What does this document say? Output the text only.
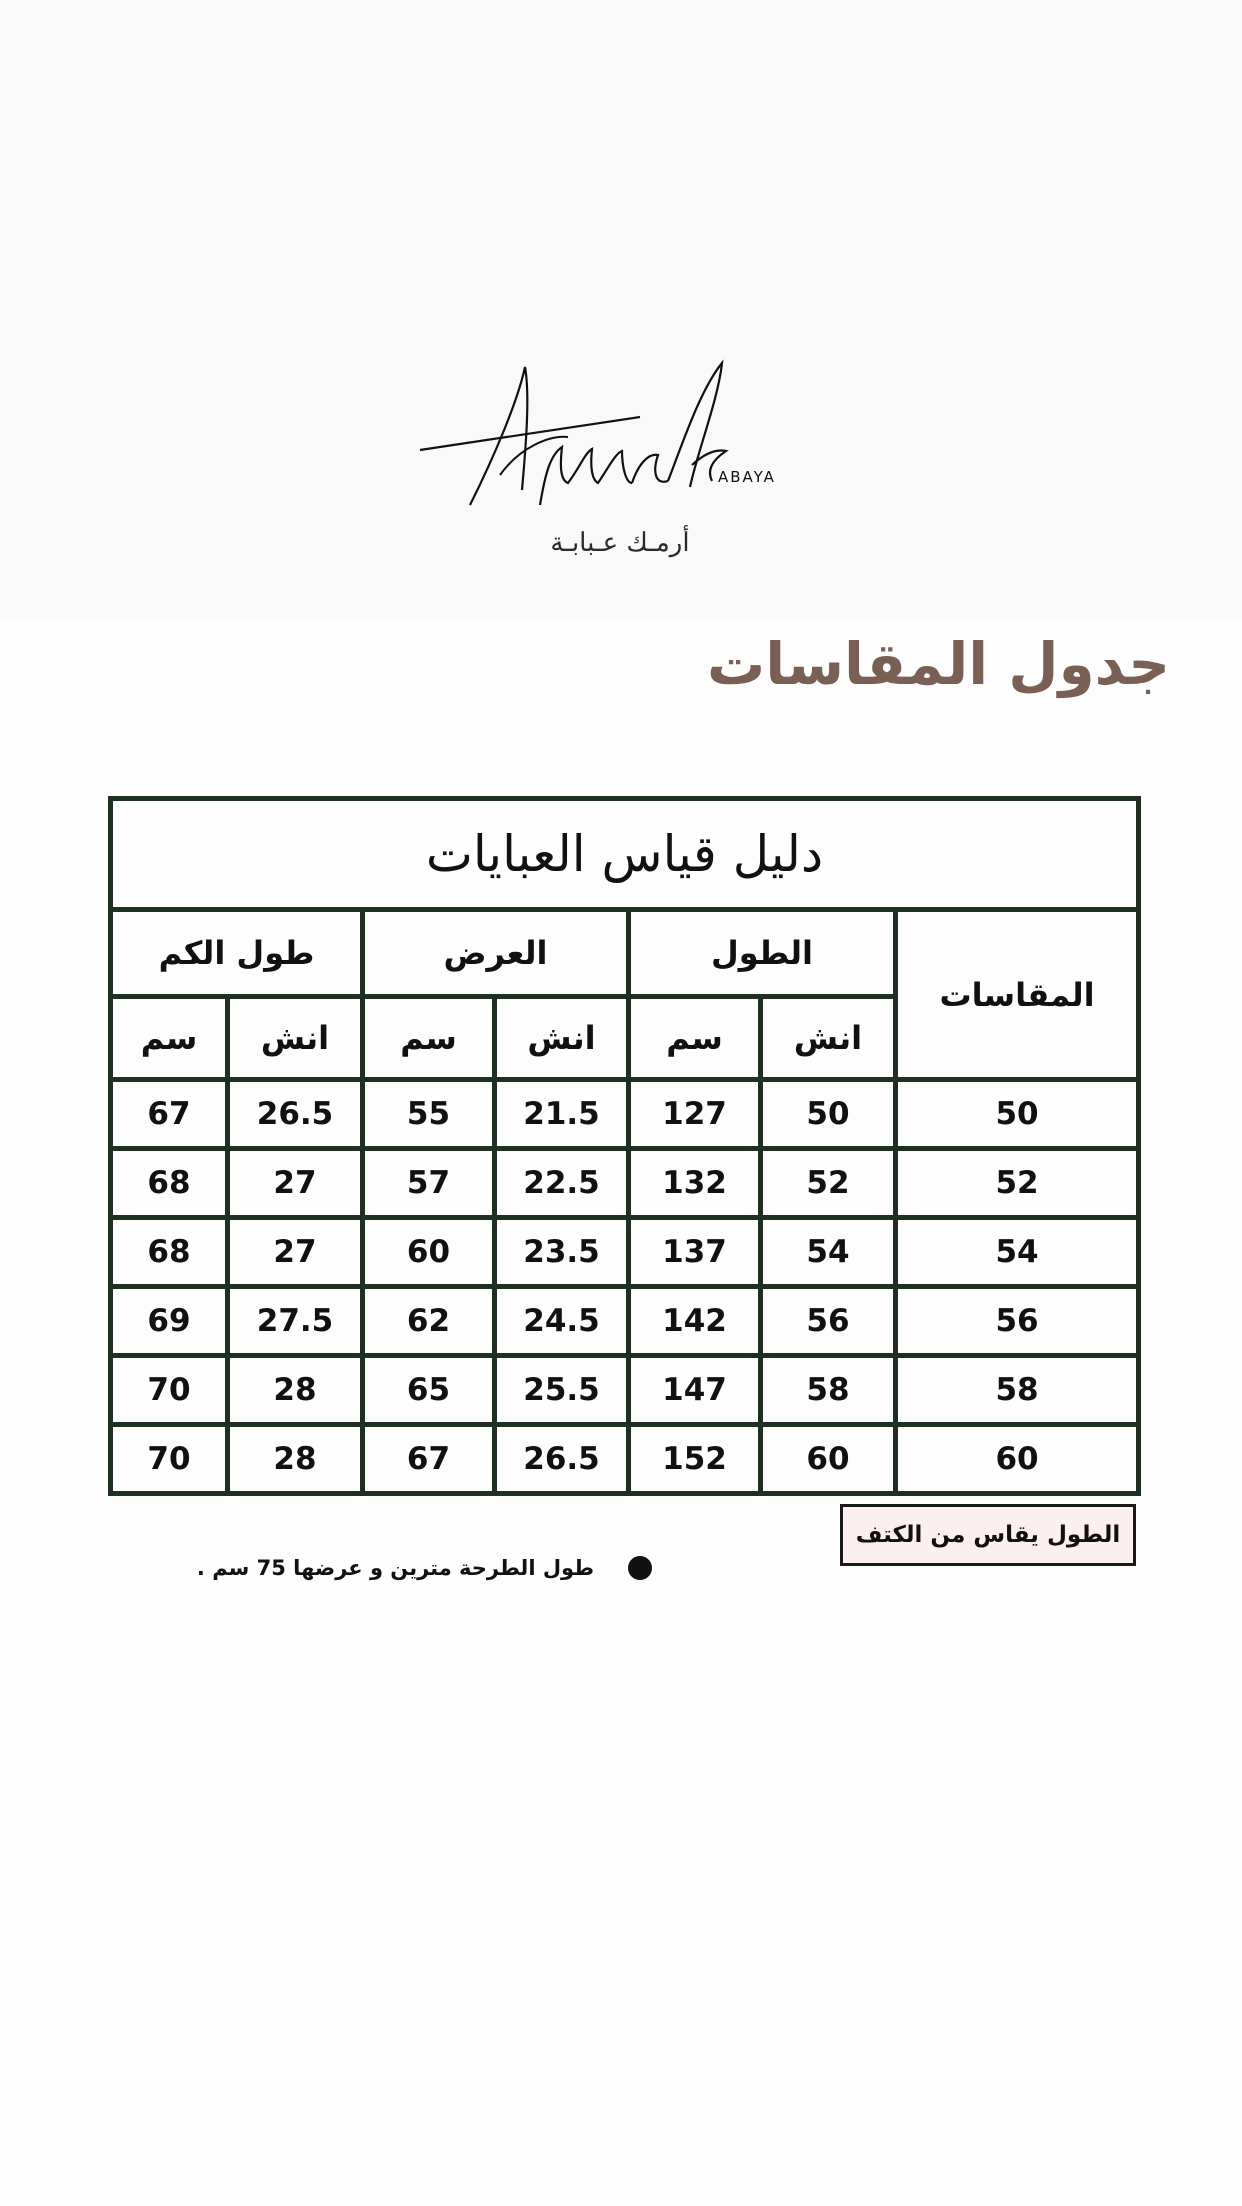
ABAYA
Armak
أرمـك عـبابـة
جدول المقاسات
دليل قياس العبايات						
طول الكم		العرض		الطول		المقاسات
سم	انش	سم	انش	سم	انش	
67	26.5	55	21.5	127	50	50
68	27	57	22.5	132	52	52
68	27	60	23.5	137	54	54
69	27.5	62	24.5	142	56	56
70	28	65	25.5	147	58	58
70	28	67	26.5	152	60	60
الطول يقاس من الكتف
طول الطرحة مترين و عرضها 75 سم .
